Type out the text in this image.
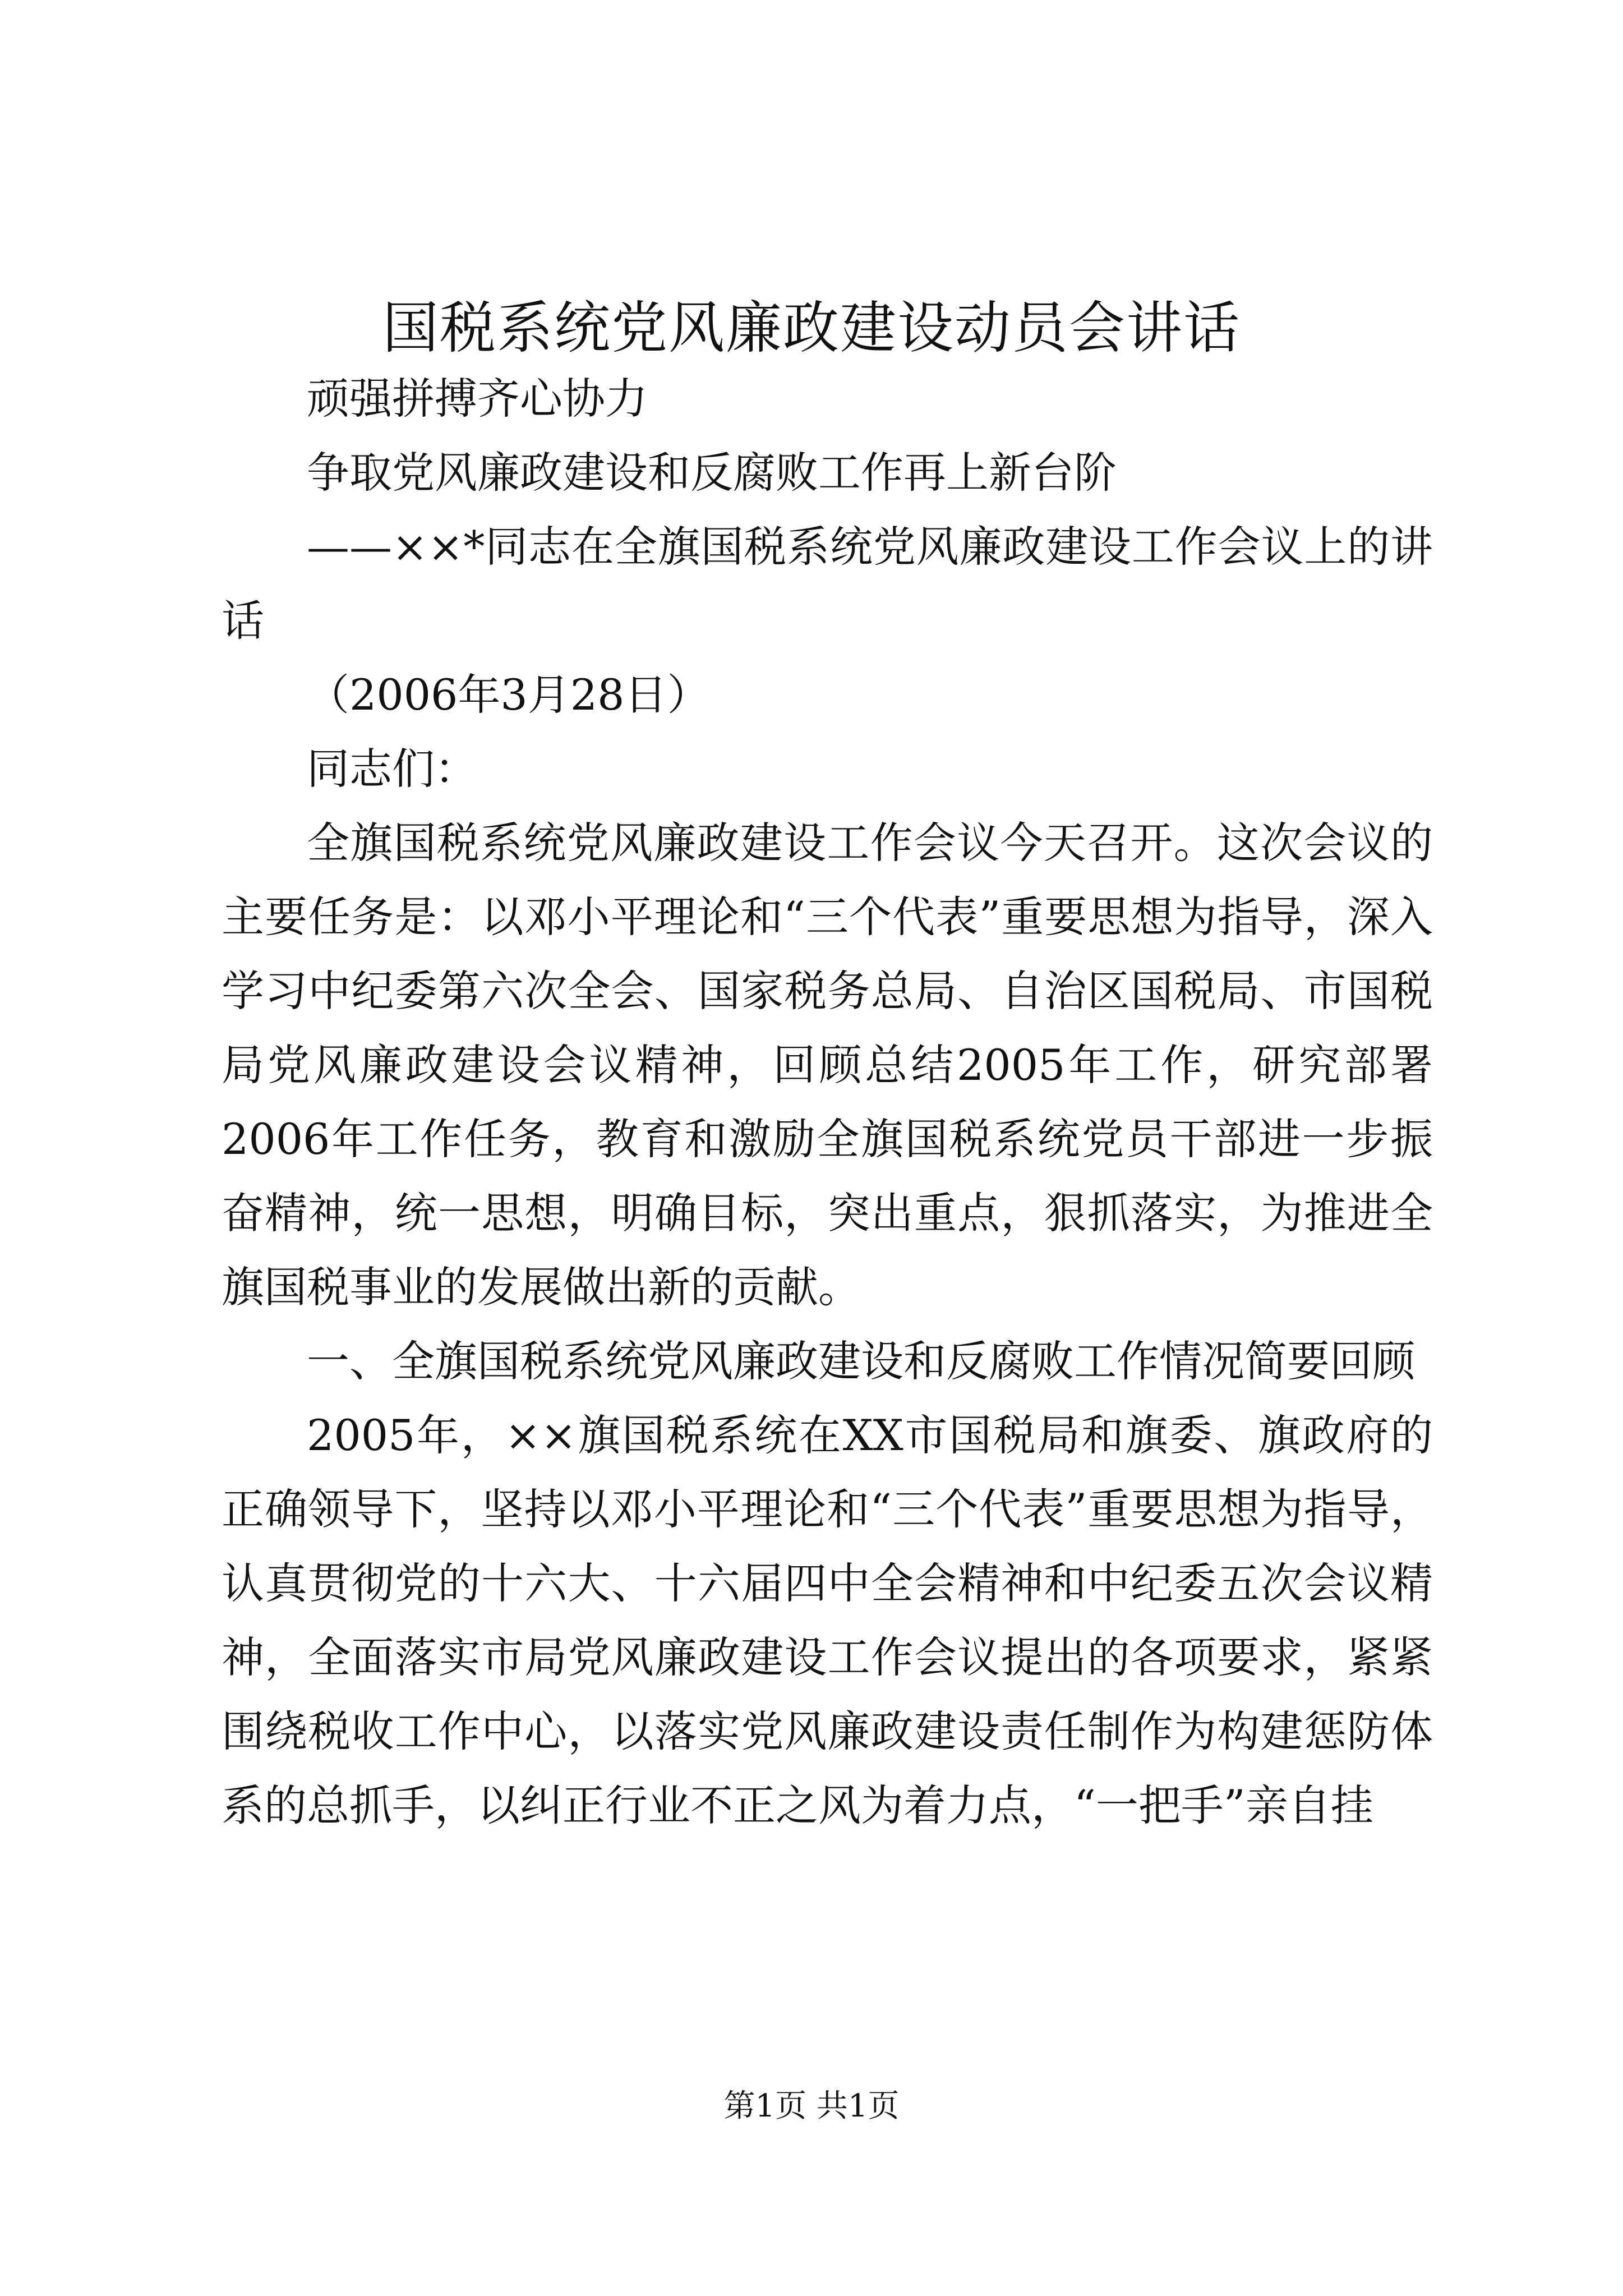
国税系统党风廉政建设动员会讲话
顽强拼搏齐心协力
争取党风廉政建设和反腐败工作再上新台阶
——××*同志在全旗国税系统党风廉政建设工作会议上的讲话
（2006年3月28日）
同志们：
全旗国税系统党风廉政建设工作会议今天召开。这次会议的主要任务是：以邓小平理论和“三个代表”重要思想为指导，深入学习中纪委第六次全会、国家税务总局、自治区国税局、市国税局党风廉政建设会议精神，回顾总结2005年工作，研究部署2006年工作任务，教育和激励全旗国税系统党员干部进一步振奋精神，统一思想，明确目标，突出重点，狠抓落实，为推进全旗国税事业的发展做出新的贡献。
一、全旗国税系统党风廉政建设和反腐败工作情况简要回顾
2005年，××旗国税系统在XX市国税局和旗委、旗政府的正确领导下，坚持以邓小平理论和“三个代表”重要思想为指导，认真贯彻党的十六大、十六届四中全会精神和中纪委五次会议精神，全面落实市局党风廉政建设工作会议提出的各项要求，紧紧围绕税收工作中心，以落实党风廉政建设责任制作为构建惩防体系的总抓手，以纠正行业不正之风为着力点，“一把手”亲自挂
第1页 共1页
